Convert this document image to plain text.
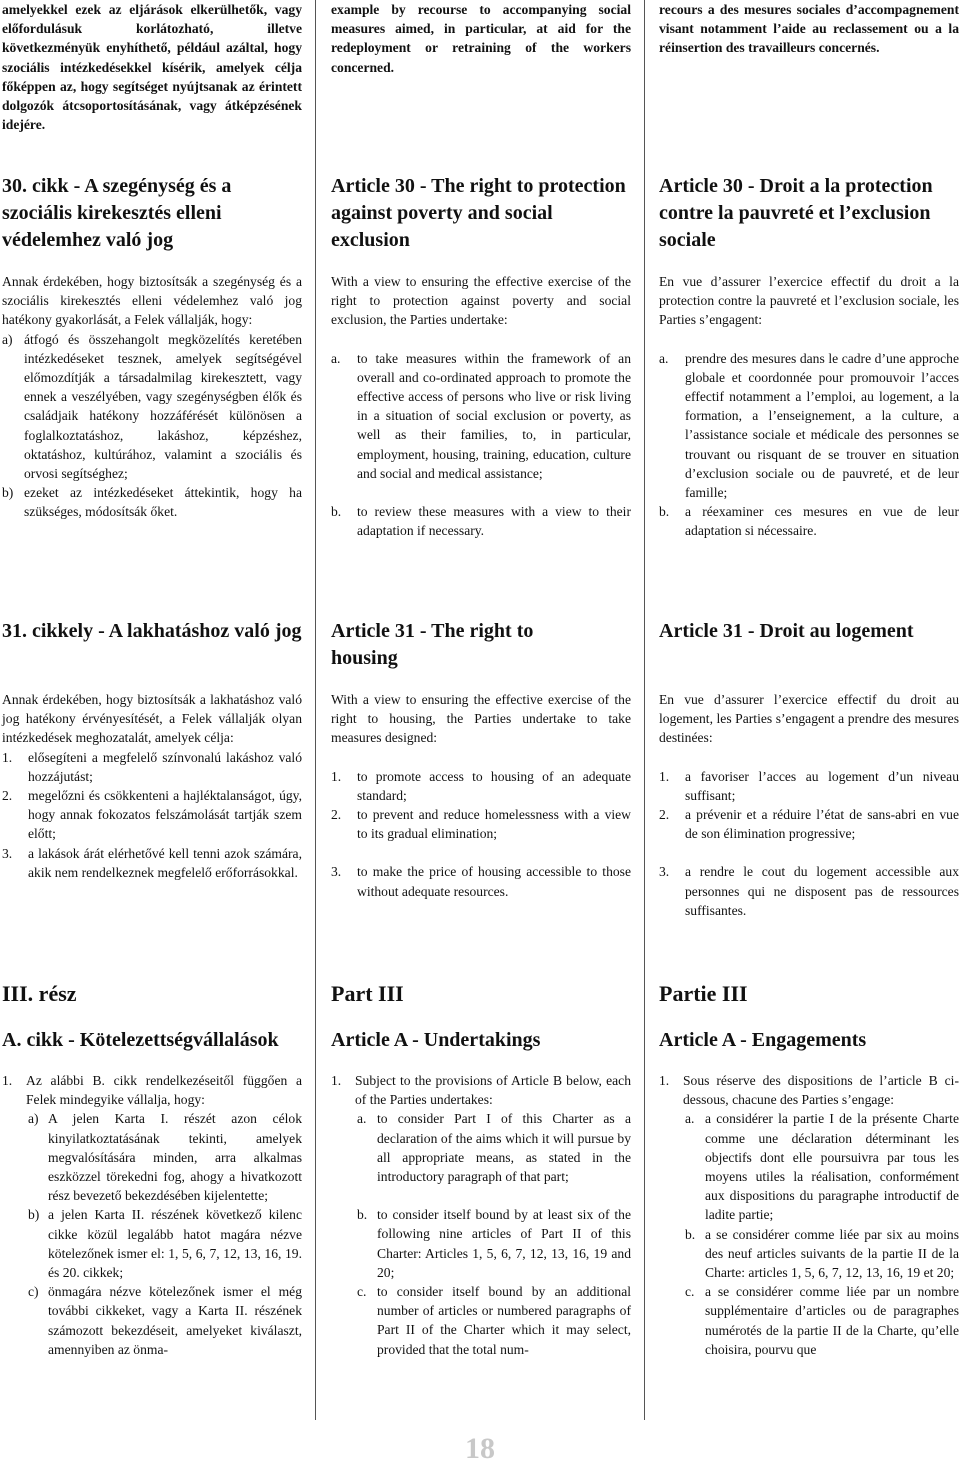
amelyekkel ezek az eljárások elkerülhetők, vagy előfordulásuk korlátozható, illetve következményük enyhíthető, például azáltal, hogy szociális intézkedésekkel kísérik, amelyek célja főképpen az, hogy segítséget nyújtsanak az érintett dolgozók átcsoportosításának, vagy átképzésének idejére.

example by recourse to accompanying social measures aimed, in particular, at aid for the redeployment or retraining of the workers concerned.

recours a des mesures sociales d’accompagnement visant notamment l’aide au reclassement ou a la réinsertion des travailleurs concernés.

30. cikk - A szegénység és a szociális kirekesztés elleni védelemhez való jog

Annak érdekében, hogy biztosítsák a szegénység és a szociális kirekesztés elleni védelemhez való jog hatékony gyakorlását, a Felek vállalják, hogy:

a) átfogó és összehangolt megközelítés keretében intézkedéseket tesznek, amelyek segítségével előmozdítják a társadalmilag kirekesztett, vagy ennek a veszélyében, vagy szegénységben élők és családjaik hatékony hozzáférését különösen a foglalkoztatáshoz, lakáshoz, képzéshez, oktatáshoz, kultúrához, valamint a szociális és orvosi segítséghez;
b) ezeket az intézkedéseket áttekintik, hogy ha szükséges, módosítsák őket.
Article 30 - The right to protection against poverty and social exclusion

With a view to ensuring the effective exercise of the right to protection against poverty and social exclusion, the Parties undertake:

a. to take measures within the framework of an overall and co-ordinated approach to promote the effective access of persons who live or risk living in a situation of social exclusion or poverty, as well as their families, to, in particular, employment, housing, training, education, culture and social and medical assistance;
b. to review these measures with a view to their adaptation if necessary.
Article 30 - Droit a la protection contre la pauvreté et l’exclusion sociale

En vue d’assurer l’exercice effectif du droit a la protection contre la pauvreté et l’exclusion sociale, les Parties s’engagent:

a. prendre des mesures dans le cadre d’une approche globale et coordonnée pour promouvoir l’acces effectif notamment a l’emploi, au logement, a la formation, a l’enseignement, a la culture, a l’assistance sociale et médicale des personnes se trouvant ou risquant de se trouver en situation d’exclusion sociale ou de pauvreté, et de leur famille;
b. a réexaminer ces mesures en vue de leur adaptation si nécessaire.
31. cikkely - A lakhatáshoz való jog

Annak érdekében, hogy biztosítsák a lakhatáshoz való jog hatékony érvényesítését, a Felek vállalják olyan intézkedések meghozatalát, amelyek célja:

1. elősegíteni a megfelelő színvonalú lakáshoz való hozzájutást;
2. megelőzni és csökkenteni a hajléktalanságot, úgy, hogy annak fokozatos felszámolását tartják szem előtt;
3. a lakások árát elérhetővé kell tenni azok számára, akik nem rendelkeznek megfelelő erőforrásokkal.
Article 31 - The right to housing

With a view to ensuring the effective exercise of the right to housing, the Parties undertake to take measures designed:

1. to promote access to housing of an adequate standard;
2. to prevent and reduce homelessness with a view to its gradual elimination;
3. to make the price of housing accessible to those without adequate resources.
Article 31 - Droit au logement

En vue d’assurer l’exercice effectif du droit au logement, les Parties s’engagent a prendre des mesures destinées:

1. a favoriser l’acces au logement d’un niveau suffisant;
2. a prévenir et a réduire l’état de sans-abri en vue de son élimination progressive;
3. a rendre le cout du logement accessible aux personnes qui ne disposent pas de ressources suffisantes.
III. rész
A. cikk - Kötelezettségvállalások
1. Az alábbi B. cikk rendelkezéseitől függően a Felek mindegyike vállalja, hogy:
a) A jelen Karta I. részét azon célok kinyilatkoztatásának tekinti, amelyek megvalósítására minden, arra alkalmas eszközzel törekedni fog, ahogy a hivatkozott rész bevezető bekezdésében kijelentette;
b) a jelen Karta II. részének következő kilenc cikke közül legalább hatot magára nézve kötelezőnek ismer el: 1, 5, 6, 7, 12, 13, 16, 19. és 20. cikkek;
c) önmagára nézve kötelezőnek ismer el még további cikkeket, vagy a Karta II. részének számozott bekezdéseit, amelyeket kiválaszt, amennyiben az önma-
Part III
Article A - Undertakings
1. Subject to the provisions of Article B below, each of the Parties undertakes:
a. to consider Part I of this Charter as a declaration of the aims which it will pursue by all appropriate means, as stated in the introductory paragraph of that part;
b. to consider itself bound by at least six of the following nine articles of Part II of this Charter: Articles 1, 5, 6, 7, 12, 13, 16, 19 and 20;
c. to consider itself bound by an additional number of articles or numbered paragraphs of Part II of the Charter which it may select, provided that the total num-
Partie III
Article A - Engagements
1. Sous réserve des dispositions de l’article B ci-dessous, chacune des Parties s’engage:
a. a considérer la partie I de la présente Charte comme une déclaration déterminant les objectifs dont elle poursuivra par tous les moyens utiles la réalisation, conformément aux dispositions du paragraphe introductif de ladite partie;
b. a se considérer comme liée par six au moins des neuf articles suivants de la partie II de la Charte: articles 1, 5, 6, 7, 12, 13, 16, 19 et 20;
c. a se considérer comme liée par un nombre supplémentaire d’articles ou de paragraphes numérotés de la partie II de la Charte, qu’elle choisira, pourvu que
18
